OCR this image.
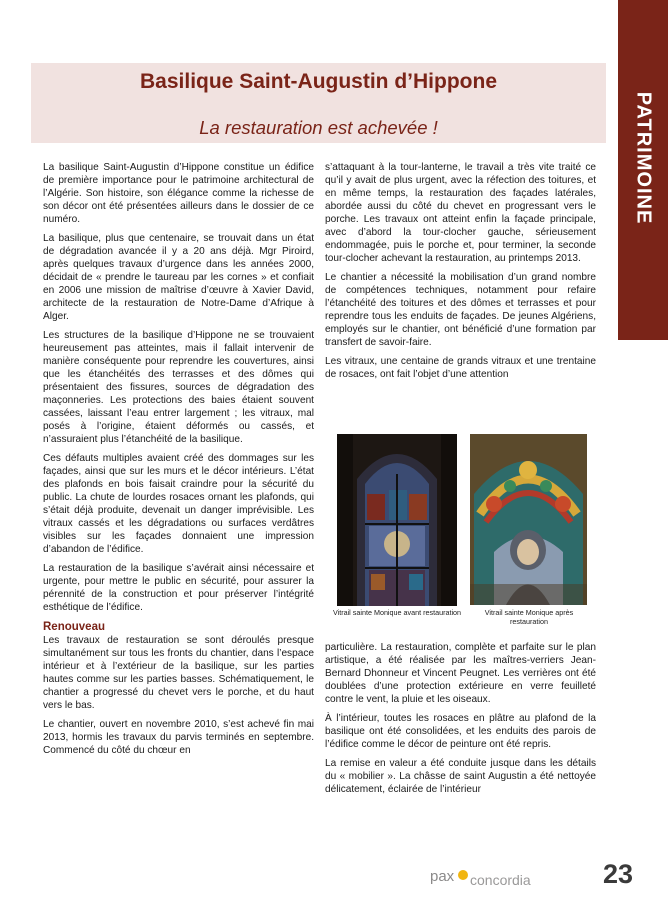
PATRIMOINE
Basilique Saint-Augustin d’Hippone
La restauration est achevée !

La basilique Saint-Augustin d’Hippone constitue un édifice de première importance pour le patrimoine architectural de l’Algérie. Son histoire, son élégance comme la richesse de son décor ont été présentées ailleurs dans le dossier de ce numéro.

La basilique, plus que centenaire, se trouvait dans un état de dégradation avancée il y a 20 ans déjà. Mgr Piroird, après quelques travaux d’urgence dans les années 2000, décidait de « prendre le taureau par les cornes » et confiait en 2006 une mission de maîtrise d’œuvre à Xavier David, architecte de la restauration de Notre-Dame d’Afrique à Alger.

Les structures de la basilique d’Hippone ne se trouvaient heureusement pas atteintes, mais il fallait intervenir de manière conséquente pour reprendre les couvertures, ainsi que les étanchéités des terrasses et des dômes qui présentaient des fissures, sources de dégradation des maçonneries. Les protections des baies étaient souvent cassées, laissant l’eau entrer largement ; les vitraux, mal posés à l’origine, étaient déformés ou cassés, et n’assuraient plus l’étanchéité de la basilique.

Ces défauts multiples avaient créé des dommages sur les façades, ainsi que sur les murs et le décor intérieurs. L’état des plafonds en bois faisait craindre pour la sécurité du public. La chute de lourdes rosaces ornant les plafonds, qui s’était déjà produite, devenait un danger imprévisible. Les vitraux cassés et les dégradations ou surfaces verdâtres visibles sur les façades donnaient une impression d’abandon de l’édifice.

La restauration de la basilique s’avérait ainsi nécessaire et urgente, pour mettre le public en sécurité, pour assurer la pérennité de la construction et pour préserver l’intégrité esthétique de l’édifice.

Renouveau

Les travaux de restauration se sont déroulés presque simultanément sur tous les fronts du chantier, dans l’espace intérieur et à l’extérieur de la basilique, sur les parties hautes comme sur les parties basses. Schématiquement, le chantier a progressé du chevet vers le porche, et du haut vers le bas.

Le chantier, ouvert en novembre 2010, s’est achevé fin mai 2013, hormis les travaux du parvis terminés en septembre. Commencé du côté du chœur en

s’attaquant à la tour-lanterne, le travail a très vite traité ce qu’il y avait de plus urgent, avec la réfection des toitures, et en même temps, la restauration des façades latérales, abordée aussi du côté du chevet en progressant vers le porche. Les travaux ont atteint enfin la façade principale, avec d’abord la tour-clocher gauche, sérieusement endommagée, puis le porche et, pour terminer, la seconde tour-clocher achevant la restauration, au printemps 2013.

Le chantier a nécessité la mobilisation d’un grand nombre de compétences techniques, notamment pour refaire l’étanchéité des toitures et des dômes et terrasses et pour reprendre tous les enduits de façades. De jeunes Algériens, employés sur le chantier, ont bénéficié d’une formation par transfert de savoir-faire.

Les vitraux, une centaine de grands vitraux et une trentaine de rosaces, ont fait l’objet d’une attention

Vitrail sainte Monique avant restauration	Vitrail sainte Monique après restauration

particulière. La restauration, complète et parfaite sur le plan artistique, a été réalisée par les maîtres-verriers Jean-Bernard Dhonneur et Vincent Peugnet. Les verrières ont été doublées d’une protection extérieure en verre feuilleté contre le vent, la pluie et les oiseaux.

À l’intérieur, toutes les rosaces en plâtre au plafond de la basilique ont été consolidées, et les enduits des parois de l’édifice comme le décor de peinture ont été repris.

La remise en valeur a été conduite jusque dans les détails du « mobilier ». La châsse de saint Augustin a été nettoyée délicatement, éclairée de l’intérieur

pax concordia	23
